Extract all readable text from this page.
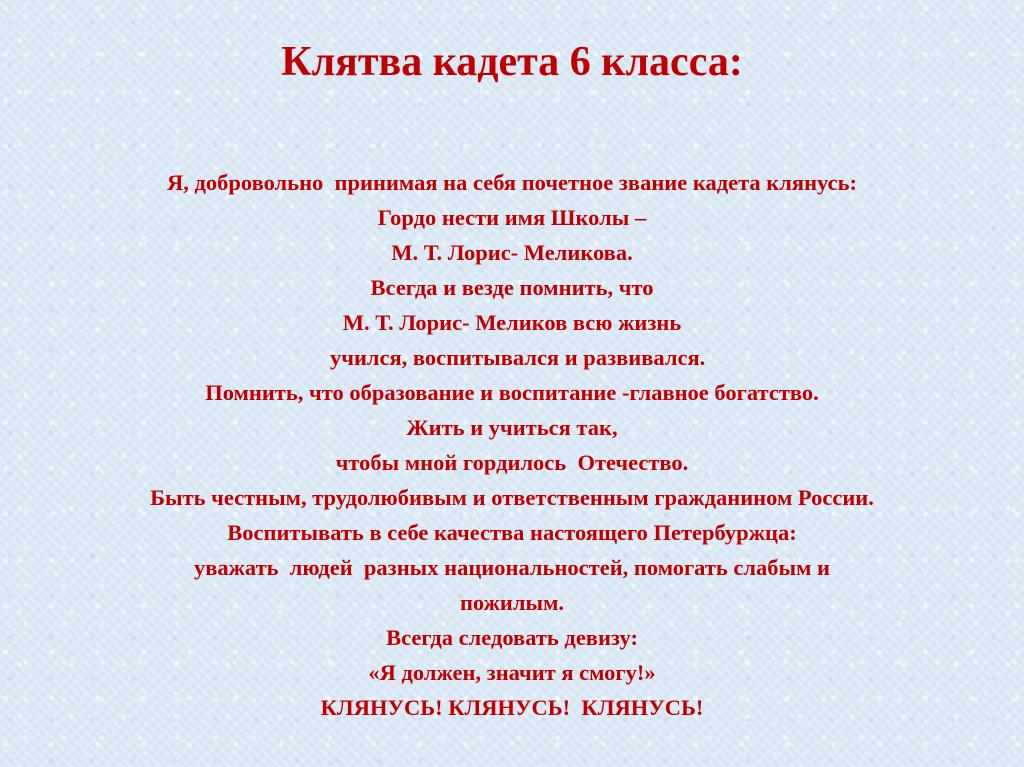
Клятва кадета 6 класса:
Я, добровольно  принимая на себя почетное звание кадета клянусь:
Гордо нести имя Школы –
М. Т. Лорис- Меликова.
Всегда и везде помнить, что
М. Т. Лорис- Меликов всю жизнь
учился, воспитывался и развивался.
Помнить, что образование и воспитание -главное богатство.
Жить и учиться так,
чтобы мной гордилось  Отечество.
Быть честным, трудолюбивым и ответственным гражданином России.
Воспитывать в себе качества настоящего Петербуржца:
уважать  людей  разных национальностей, помогать слабым и
пожилым.
Всегда следовать девизу:
«Я должен, значит я смогу!»
КЛЯНУСЬ! КЛЯНУСЬ!  КЛЯНУСЬ!
